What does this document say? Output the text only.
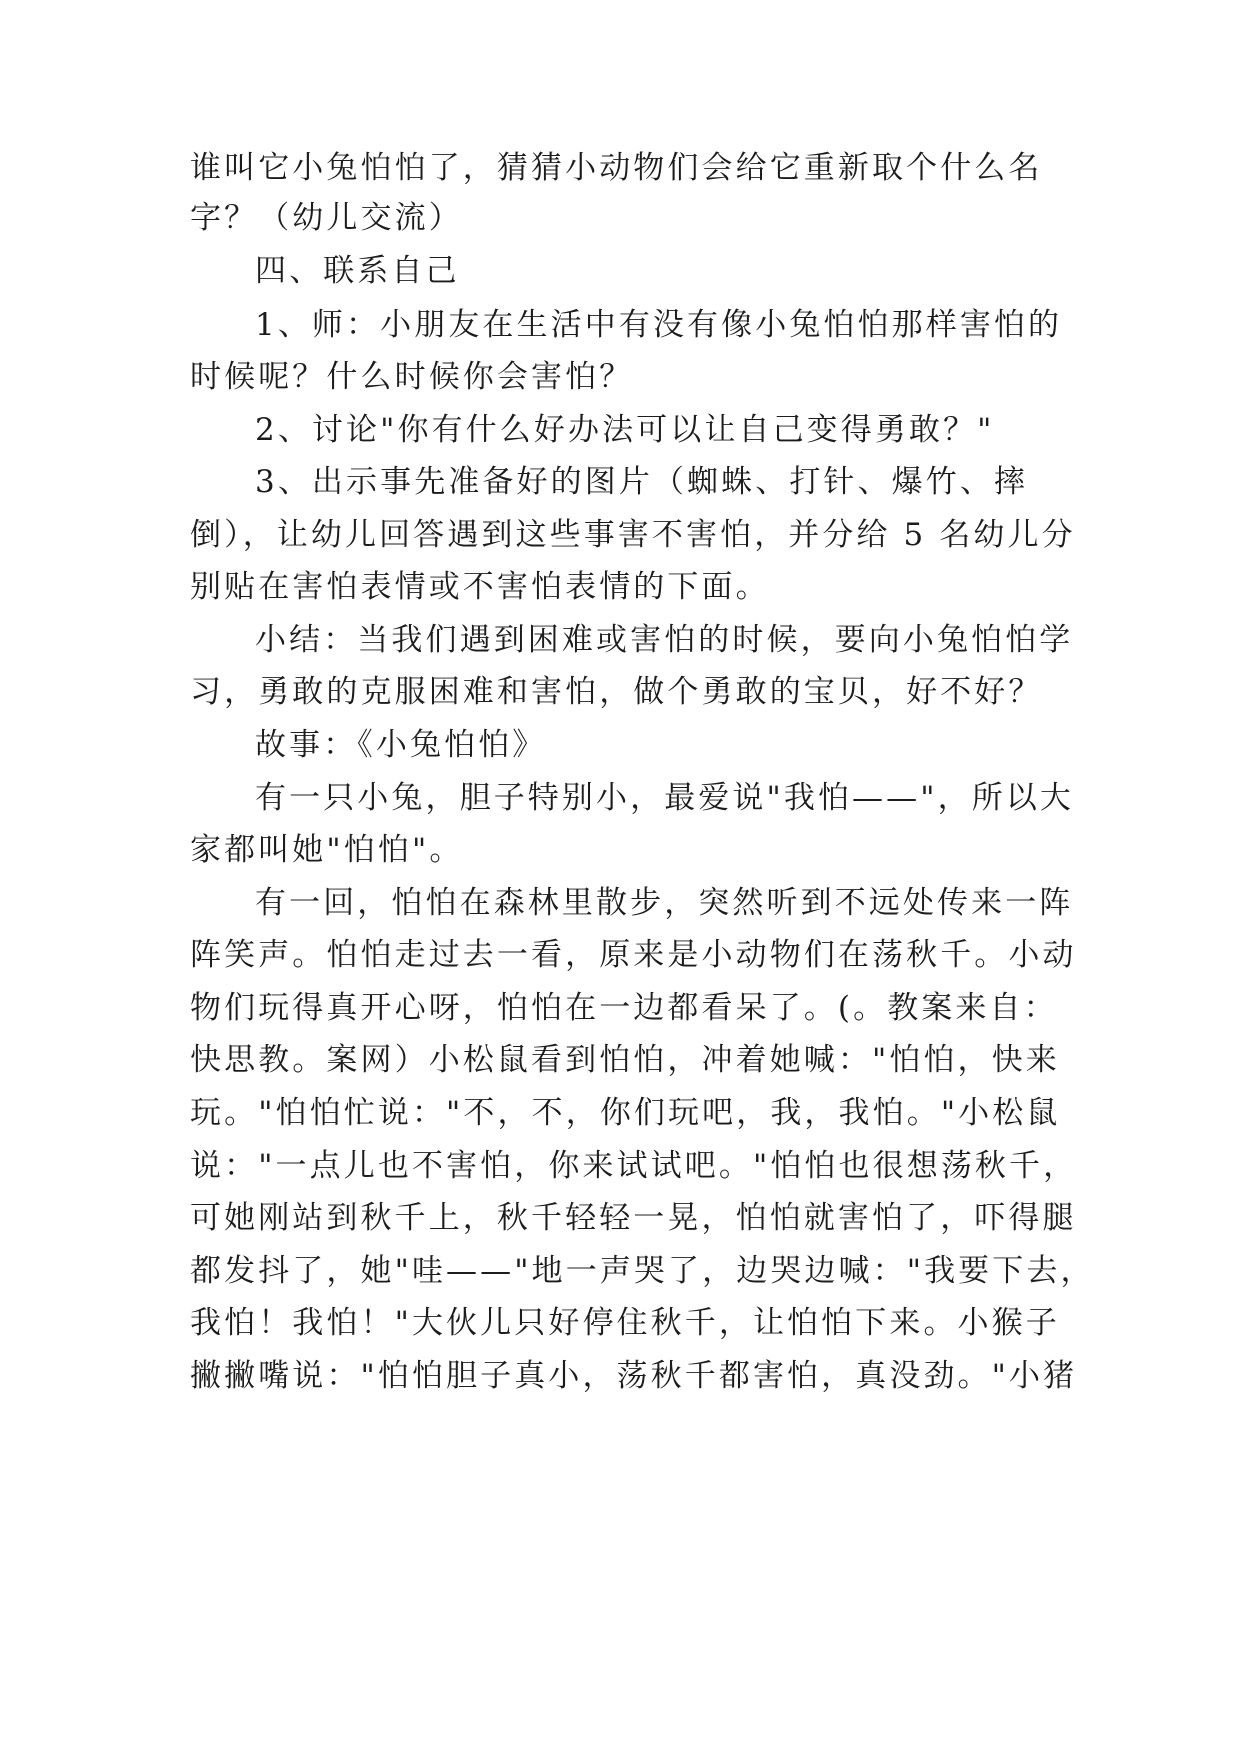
谁叫它小兔怕怕了，猜猜小动物们会给它重新取个什么名

字？（幼儿交流）

四、联系自己

1、师：小朋友在生活中有没有像小兔怕怕那样害怕的

时候呢？什么时候你会害怕？

2、讨论"你有什么好办法可以让自己变得勇敢？"

3、出示事先准备好的图片（蜘蛛、打针、爆竹、摔

倒），让幼儿回答遇到这些事害不害怕，并分给 5 名幼儿分

别贴在害怕表情或不害怕表情的下面。

小结：当我们遇到困难或害怕的时候，要向小兔怕怕学

习，勇敢的克服困难和害怕，做个勇敢的宝贝，好不好？

故事：《小兔怕怕》

有一只小兔，胆子特别小，最爱说"我怕——"，所以大

家都叫她"怕怕"。

有一回，怕怕在森林里散步，突然听到不远处传来一阵

阵笑声。怕怕走过去一看，原来是小动物们在荡秋千。小动

物们玩得真开心呀，怕怕在一边都看呆了。(。教案来自：

快思教。案网）小松鼠看到怕怕，冲着她喊："怕怕，快来

玩。"怕怕忙说："不，不，你们玩吧，我，我怕。"小松鼠

说："一点儿也不害怕，你来试试吧。"怕怕也很想荡秋千，

可她刚站到秋千上，秋千轻轻一晃，怕怕就害怕了，吓得腿

都发抖了，她"哇——"地一声哭了，边哭边喊："我要下去，

我怕！我怕！"大伙儿只好停住秋千，让怕怕下来。小猴子

撇撇嘴说："怕怕胆子真小，荡秋千都害怕，真没劲。"小猪
